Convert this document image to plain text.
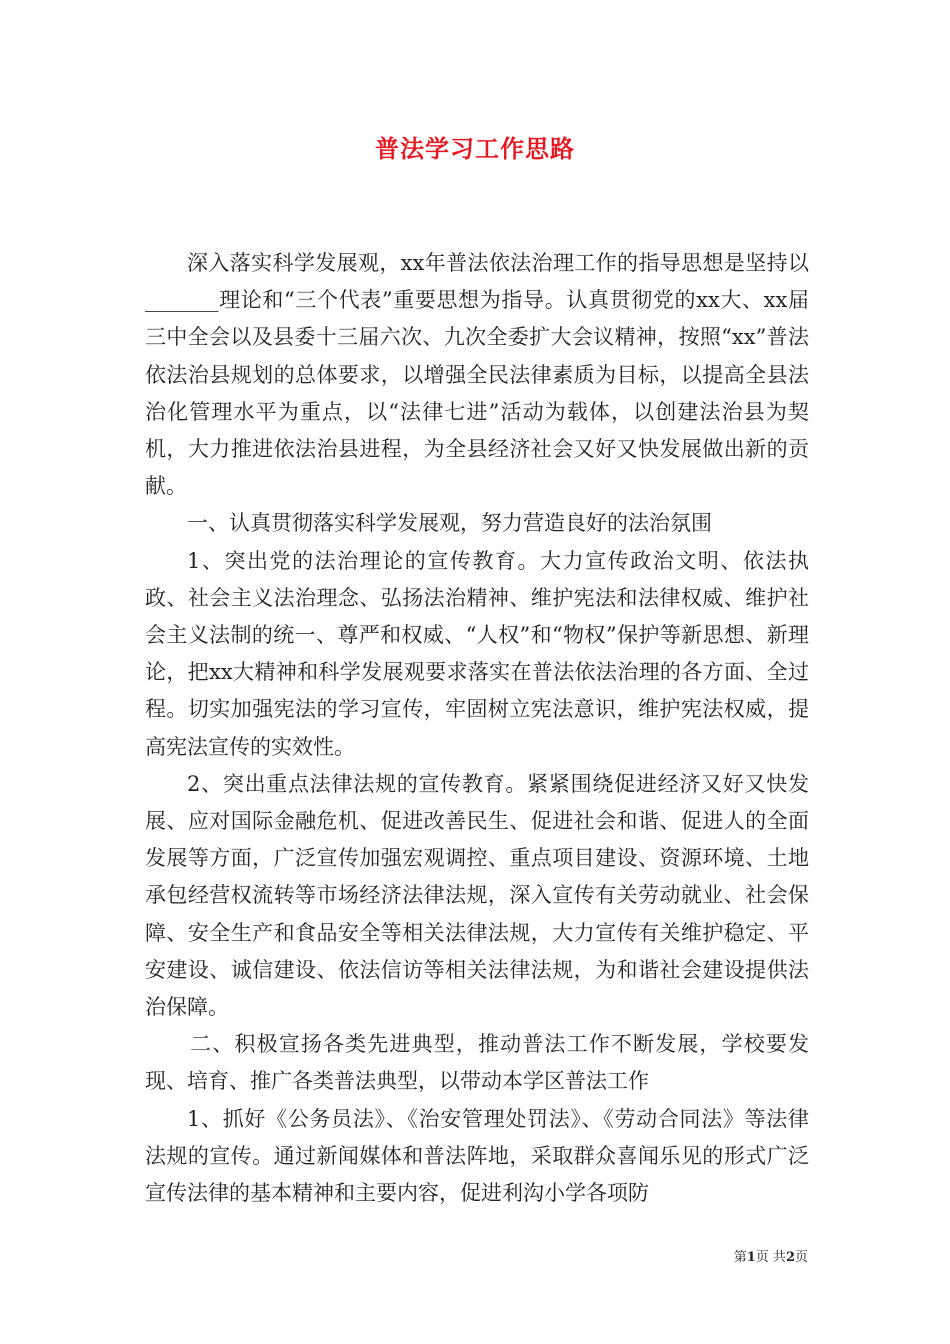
普法学习工作思路

深入落实科学发展观，xx年普法依法治理工作的指导思想是坚持以_______理论和“三个代表”重要思想为指导。认真贯彻党的xx大、xx届三中全会以及县委十三届六次、九次全委扩大会议精神，按照“xx”普法依法治县规划的总体要求，以增强全民法律素质为目标，以提高全县法治化管理水平为重点，以“法律七进”活动为载体，以创建法治县为契机，大力推进依法治县进程，为全县经济社会又好又快发展做出新的贡献。

一、认真贯彻落实科学发展观，努力营造良好的法治氛围

1、突出党的法治理论的宣传教育。大力宣传政治文明、依法执政、社会主义法治理念、弘扬法治精神、维护宪法和法律权威、维护社会主义法制的统一、尊严和权威、“人权”和“物权”保护等新思想、新理论，把xx大精神和科学发展观要求落实在普法依法治理的各方面、全过程。切实加强宪法的学习宣传，牢固树立宪法意识，维护宪法权威，提高宪法宣传的实效性。

2、突出重点法律法规的宣传教育。紧紧围绕促进经济又好又快发展、应对国际金融危机、促进改善民生、促进社会和谐、促进人的全面发展等方面，广泛宣传加强宏观调控、重点项目建设、资源环境、土地承包经营权流转等市场经济法律法规，深入宣传有关劳动就业、社会保障、安全生产和食品安全等相关法律法规，大力宣传有关维护稳定、平安建设、诚信建设、依法信访等相关法律法规，为和谐社会建设提供法治保障。

二、积极宣扬各类先进典型，推动普法工作不断发展，学校要发现、培育、推广各类普法典型，以带动本学区普法工作

1、抓好《公务员法》、《治安管理处罚法》、《劳动合同法》等法律法规的宣传。通过新闻媒体和普法阵地，采取群众喜闻乐见的形式广泛宣传法律的基本精神和主要内容，促进利沟小学各项防

第1页 共2页
